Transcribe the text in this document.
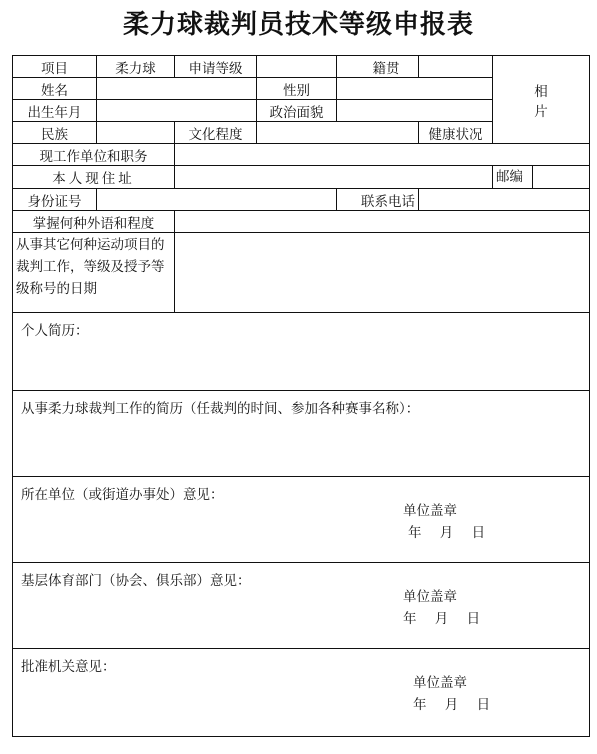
柔力球裁判员技术等级申报表
项目	柔力球	申请等级		籍贯		相
片

姓名			性别			
出生年月			政治面貌			
民族		文化程度			健康状况	
现工作单位和职务						
本人现住址						邮编
身份证号				联系电话		
掌握何种外语和程度						
从事其它何种运动项目的裁判工作，等级及授予等级称号的日期						
个人简历：						
从事柔力球裁判工作的简历（任裁判的时间、参加各种赛事名称）：						
所在单位（或街道办事处）意见：
单位盖章
年 月 日						

基层体育部门（协会、俱乐部）意见：
单位盖章
年 月 日						

批准机关意见：
单位盖章
年 月 日						
